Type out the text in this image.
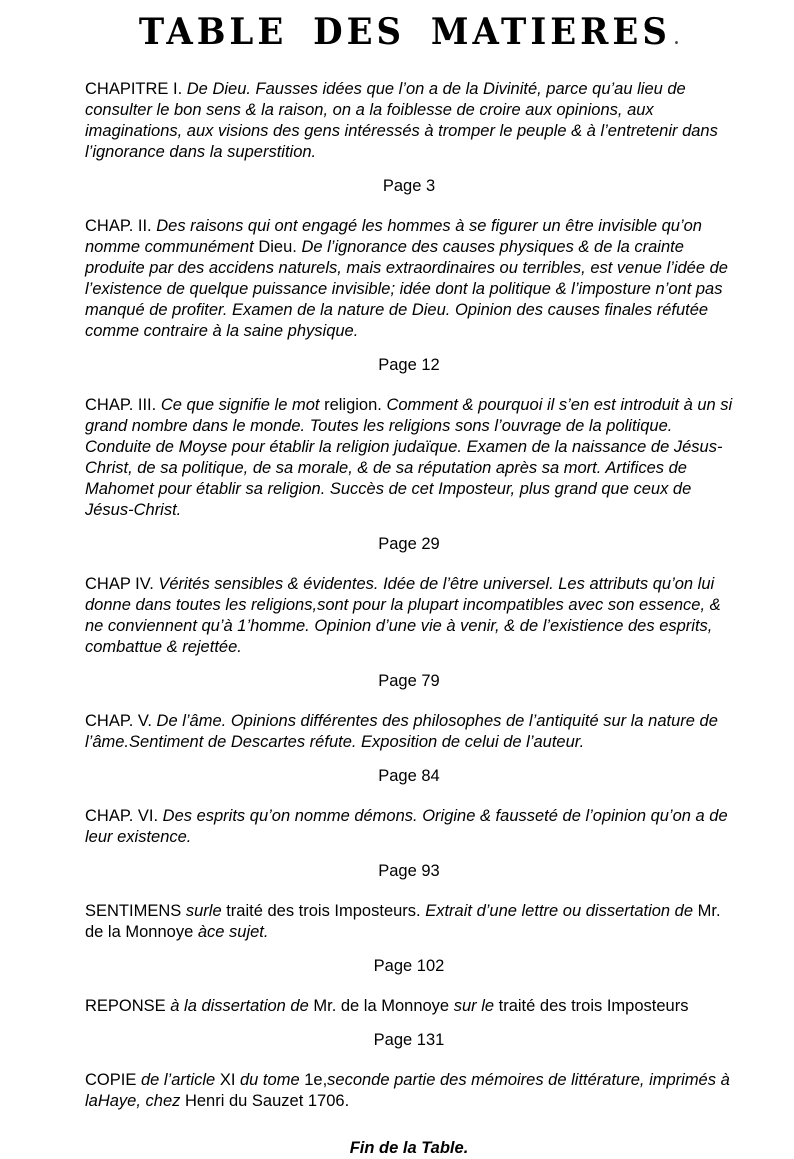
TABLE DES MATIERES .

CHAPITRE I. De Dieu. Fausses idées que l’on a de la Divinité, parce qu’au lieu de consulter le bon sens & la raison, on a la foiblesse de croire aux opinions, aux imaginations, aux visions des gens intéressés à tromper le peuple & à l’entretenir dans l’ignorance dans la superstition.

Page 3

CHAP. II. Des raisons qui ont engagé les hommes à se figurer un être invisible qu’on nomme communément Dieu. De l’ignorance des causes physiques & de la crainte produite par des accidens naturels, mais extraordinaires ou terribles, est venue l’idée de l’existence de quelque puissance invisible; idée dont la politique & l’imposture n’ont pas manqué de profiter. Examen de la nature de Dieu. Opinion des causes finales réfutée comme contraire à la saine physique.

Page 12

CHAP. III. Ce que signifie le mot religion. Comment & pourquoi il s’en est introduit à un si grand nombre dans le monde. Toutes les religions sons l’ouvrage de la politique. Conduite de Moyse pour établir la religion judaïque. Examen de la naissance de Jésus-Christ, de sa politique, de sa morale, & de sa réputation après sa mort. Artifices de Mahomet pour établir sa religion. Succès de cet Imposteur, plus grand que ceux de Jésus-Christ.

Page 29

CHAP IV. Vérités sensibles & évidentes. Idée de l’être universel. Les attributs qu’on lui donne dans toutes les religions,sont pour la plupart incompatibles avec son essence, & ne conviennent qu’à 1’homme. Opinion d’une vie à venir, & de l’existience des esprits, combattue & rejettée.

Page 79

CHAP. V. De l’âme. Opinions différentes des philosophes de l’antiquité sur la nature de l’âme.Sentiment de Descartes réfute. Exposition de celui de l’auteur.

Page 84

CHAP. VI. Des esprits qu’on nomme démons. Origine & fausseté de l’opinion qu’on a de leur existence.

Page 93

SENTIMENS surle traité des trois Imposteurs. Extrait d’une lettre ou dissertation de Mr. de la Monnoye àce sujet.

Page 102

REPONSE à la dissertation de Mr. de la Monnoye sur le traité des trois Imposteurs

Page 131

COPIE de l’article XI du tome 1e,seconde partie des mémoires de littérature, imprimés à laHaye, chez Henri du Sauzet 1706.

Fin de la Table.
